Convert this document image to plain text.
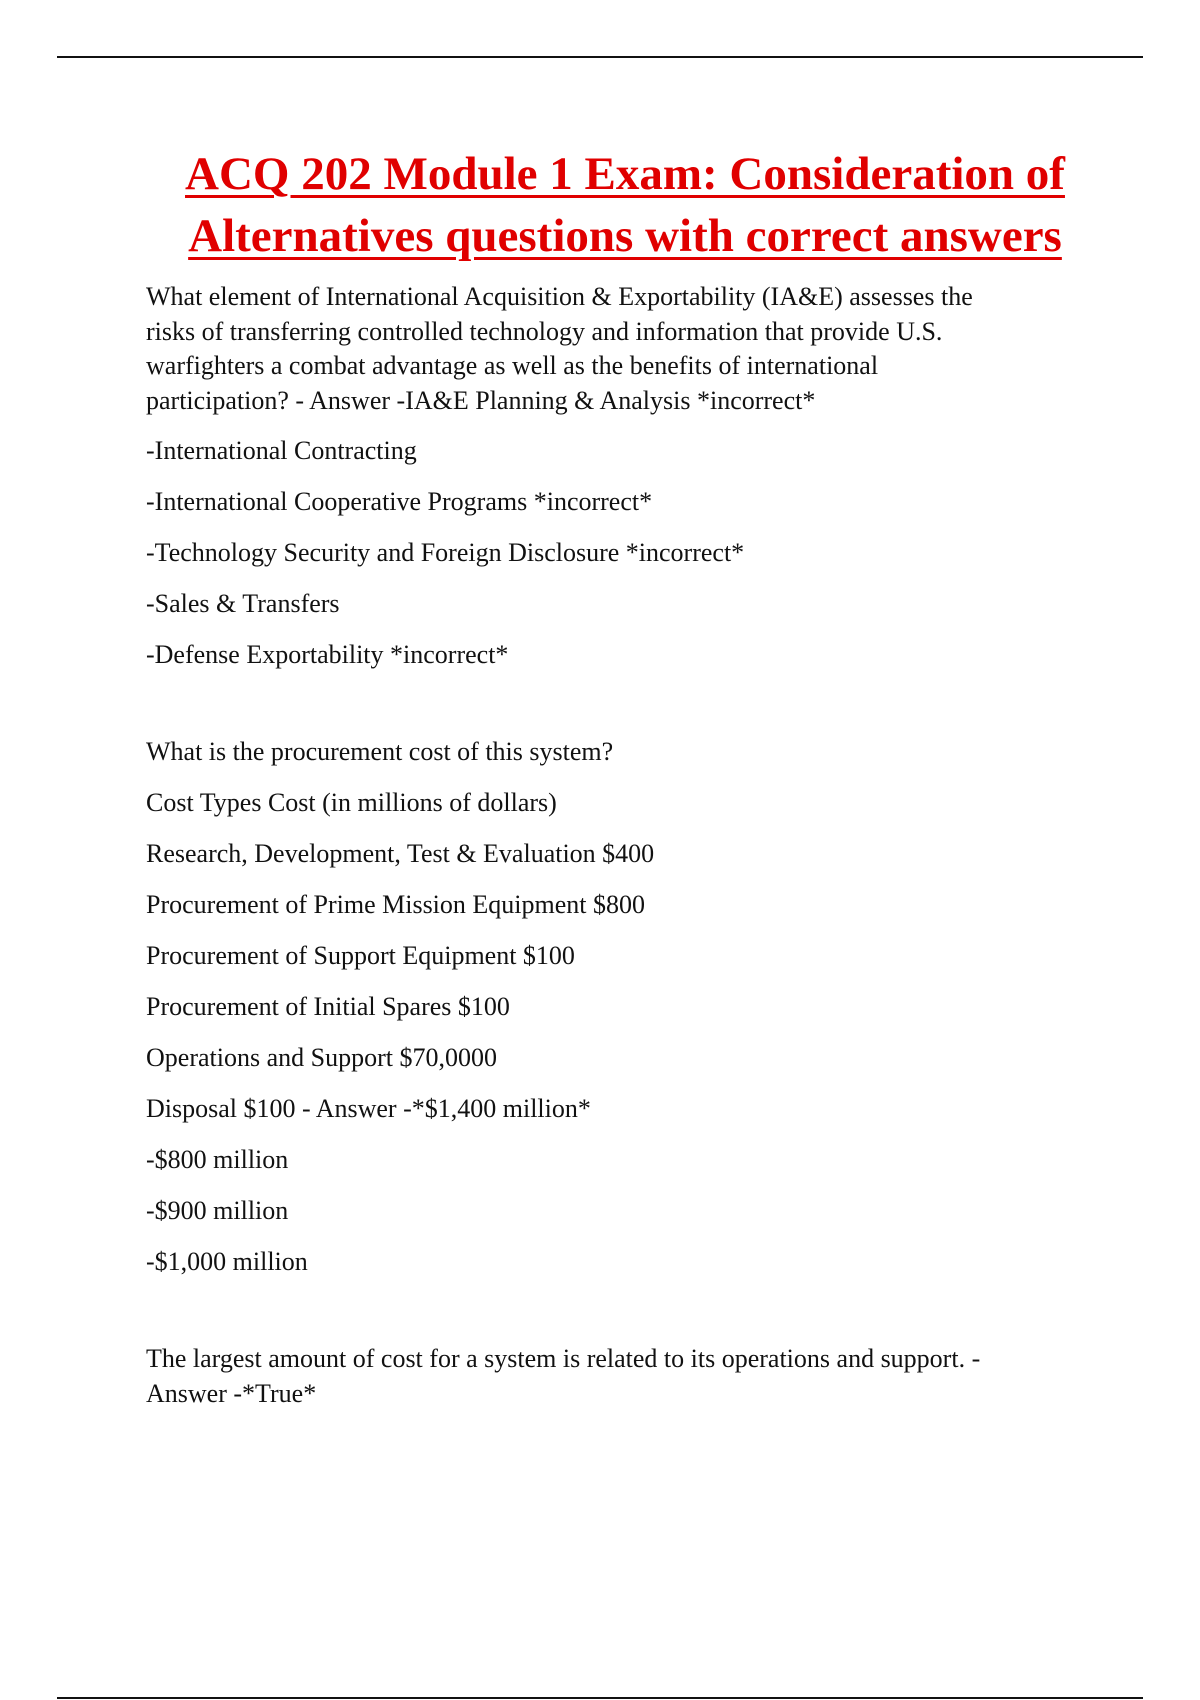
ACQ 202 Module 1 Exam: Consideration of
Alternatives questions with correct answers
What element of International Acquisition & Exportability (IA&E) assesses the
risks of transferring controlled technology and information that provide U.S.
warfighters a combat advantage as well as the benefits of international
participation? - Answer -IA&E Planning & Analysis *incorrect*
-International Contracting
-International Cooperative Programs *incorrect*
-Technology Security and Foreign Disclosure *incorrect*
-Sales & Transfers
-Defense Exportability *incorrect*
What is the procurement cost of this system?
Cost Types Cost (in millions of dollars)
Research, Development, Test & Evaluation $400
Procurement of Prime Mission Equipment $800
Procurement of Support Equipment $100
Procurement of Initial Spares $100
Operations and Support $70,0000
Disposal $100 - Answer -*$1,400 million*
-$800 million
-$900 million
-$1,000 million
The largest amount of cost for a system is related to its operations and support. -
Answer -*True*
